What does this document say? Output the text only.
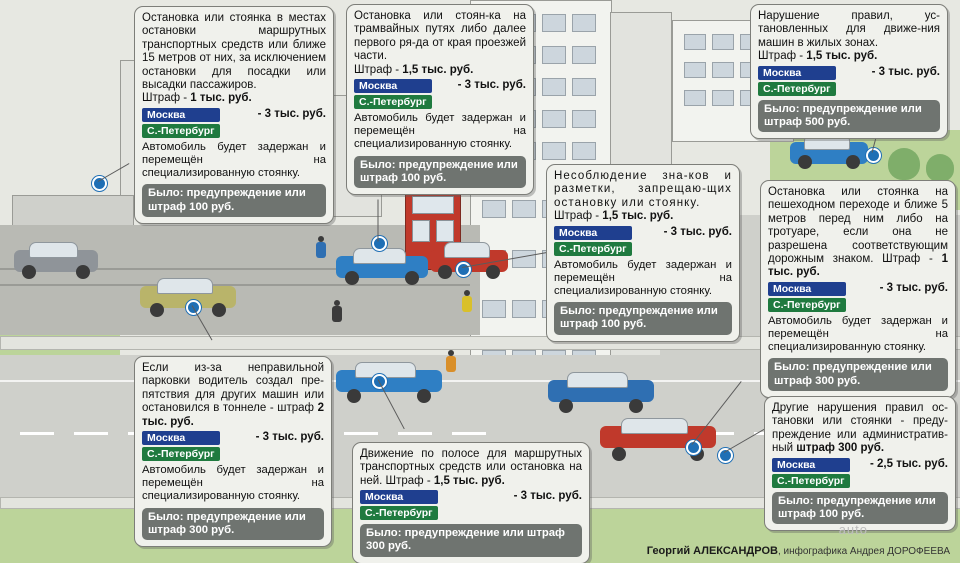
Остановка или стоянка в местах остановки маршрутных транспортных средств или ближе 15 метров от них, за исключением остановки для посадки или высадки пассажиров.
Штраф - 1 тыс. руб.
Москва
С.-Петербург
- 3 тыс. руб.
Автомобиль будет задержан и перемещён на специализированную стоянку.
Было: предупреждение или штраф 100 руб.
Остановка или стоян-ка на трамвайных путях либо далее первого ря-да от края проезжей части.
Штраф - 1,5 тыс. руб.
Москва
С.-Петербург
- 3 тыс. руб.
Автомобиль будет задержан и перемещён на специализированную стоянку.
Было: предупреждение или штраф 100 руб.
Нарушение правил, ус-тановленных для движе-ния машин в жилых зонах.
Штраф - 1,5 тыс. руб.
Москва
С.-Петербург
- 3 тыс. руб.
Было: предупреждение или штраф 500 руб.
Несоблюдение зна-ков и разметки, запрещаю-щих остановку или стоянку.
Штраф - 1,5 тыс. руб.
Москва
С.-Петербург
- 3 тыс. руб.
Автомобиль будет задержан и перемещён на специализированную стоянку.
Было: предупреждение или штраф 100 руб.
Остановка или стоянка на пешеходном переходе и ближе 5 метров перед ним либо на тротуаре, если она не разрешена соответствующим дорожным знаком. Штраф - 1 тыс. руб.
Москва
С.-Петербург
- 3 тыс. руб.
Автомобиль будет задержан и перемещён на специализированную стоянку.
Было: предупреждение или штраф 300 руб.
Если из-за неправильной парковки водитель создал пре-пятствия для других машин или остановился в тоннеле - штраф 2 тыс. руб.
Москва
С.-Петербург
- 3 тыс. руб.
Автомобиль будет задержан и перемещён на специализированную стоянку.
Было: предупреждение или штраф 300 руб.
Движение по полосе для маршрутных транспортных средств или остановка на ней. Штраф - 1,5 тыс. руб.
Москва
С.-Петербург
- 3 тыс. руб.
Было: предупреждение или штраф 300 руб.
Другие нарушения правил ос-тановки или стоянки - преду-преждение или административ-ный штраф 300 руб.
Москва
С.-Петербург
- 2,5 тыс. руб.
Было: предупреждение или штраф 100 руб.
auto
Георгий АЛЕКСАНДРОВ, инфографика Андрея ДОРОФЕЕВА
